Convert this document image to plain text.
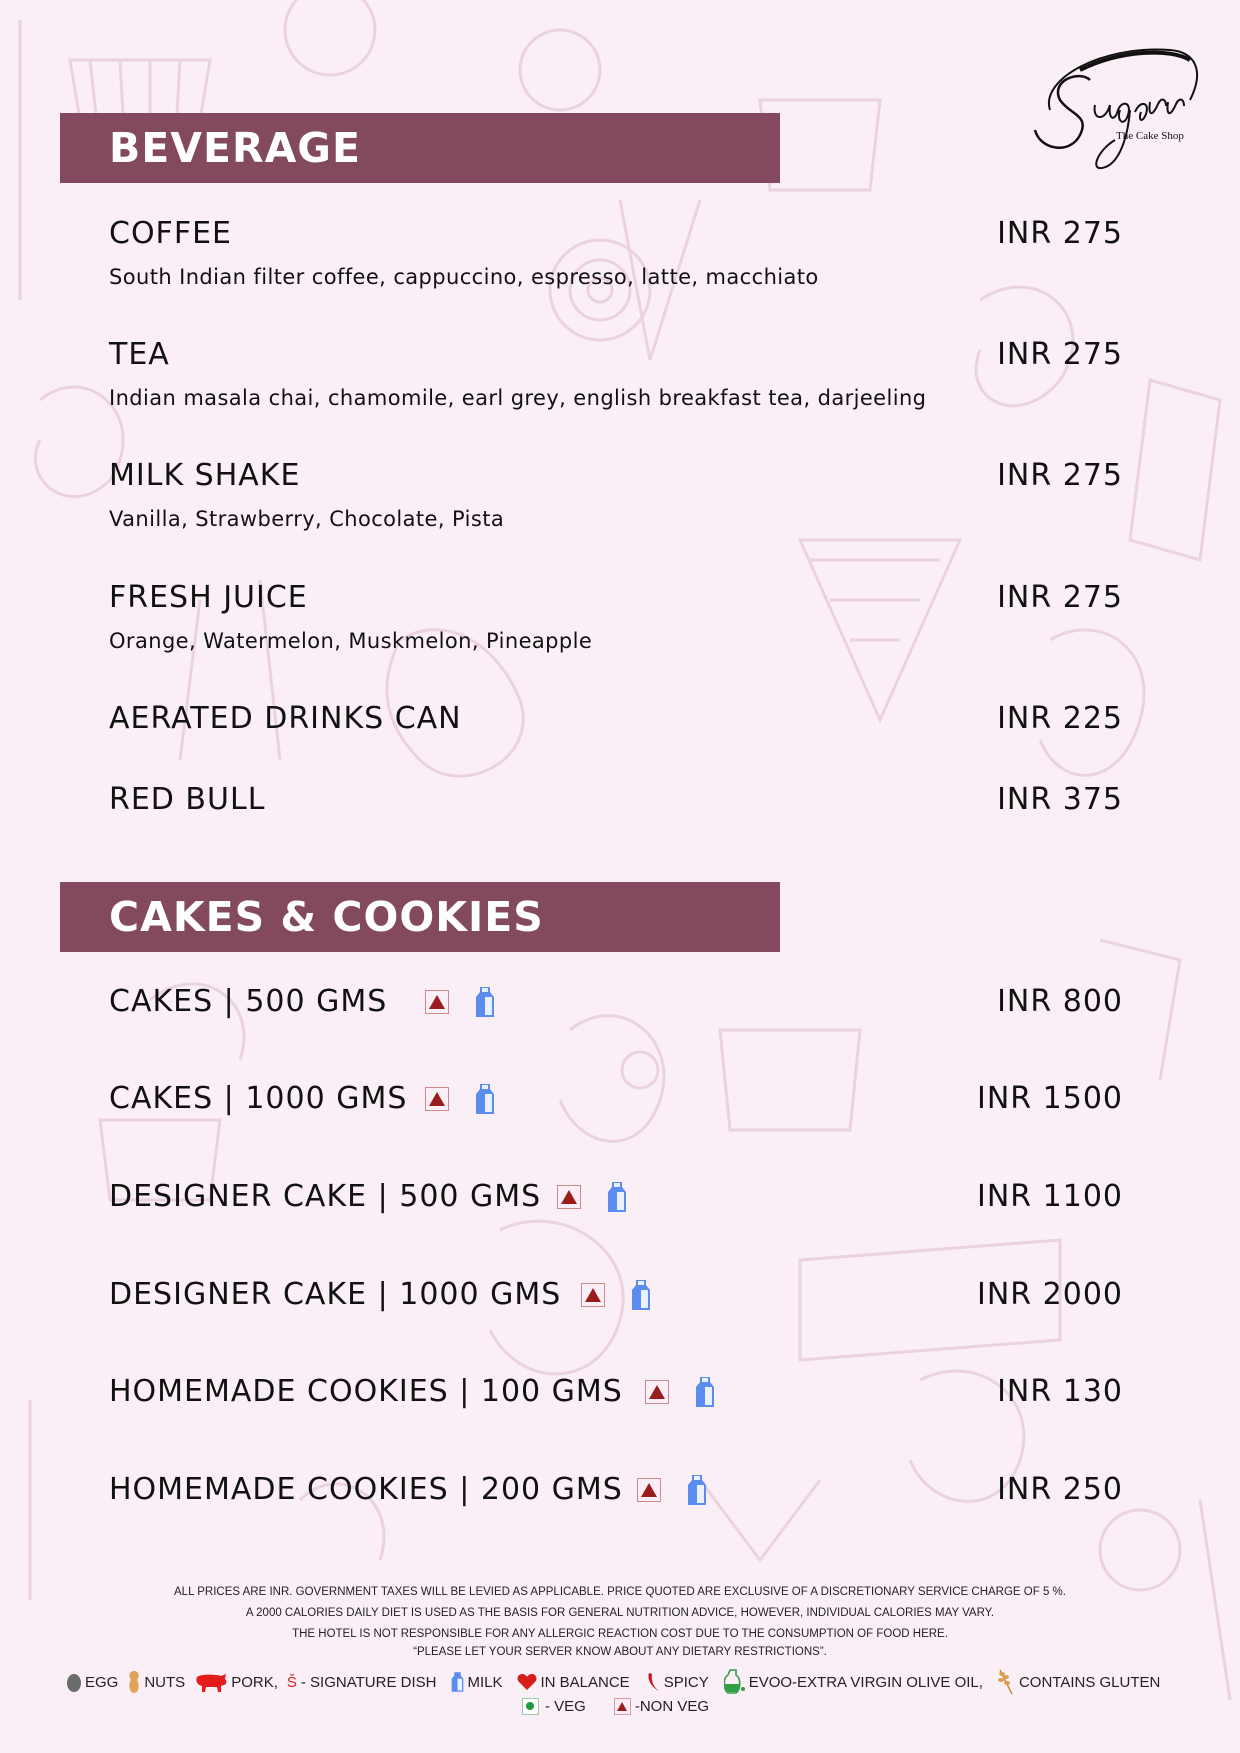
The Cake Shop
BEVERAGE
COFFEE	INR 275
South Indian filter coffee, cappuccino, espresso, latte, macchiato
TEA	INR 275
Indian masala chai, chamomile, earl grey, english breakfast tea, darjeeling
MILK SHAKE	INR 275
Vanilla, Strawberry, Chocolate, Pista
FRESH JUICE	INR 275
Orange, Watermelon, Muskmelon, Pineapple
AERATED DRINKS CAN	INR 225
RED BULL	INR 375
CAKES & COOKIES
CAKES | 500 GMS	INR 800
CAKES | 1000 GMS	INR 1500
DESIGNER CAKE | 500 GMS	INR 1100
DESIGNER CAKE | 1000 GMS	INR 2000
HOMEMADE COOKIES | 100 GMS	INR 130
HOMEMADE COOKIES | 200 GMS	INR 250
ALL PRICES ARE INR. GOVERNMENT TAXES WILL BE LEVIED AS APPLICABLE. PRICE QUOTED ARE EXCLUSIVE OF A DISCRETIONARY SERVICE CHARGE OF 5 %.
A 2000 CALORIES DAILY DIET IS USED AS THE BASIS FOR GENERAL NUTRITION ADVICE, HOWEVER, INDIVIDUAL CALORIES MAY VARY.
THE HOTEL IS NOT RESPONSIBLE FOR ANY ALLERGIC REACTION COST DUE TO THE CONSUMPTION OF FOOD HERE.
“PLEASE LET YOUR SERVER KNOW ABOUT ANY DIETARY RESTRICTIONS”.
EGG NUTS	PORK, Š - SIGNATURE DISH MILK	IN BALANCE SPICY	EVOO-EXTRA VIRGIN OLIVE OIL, CONTAINS GLUTEN
- VEG	-NON VEG
